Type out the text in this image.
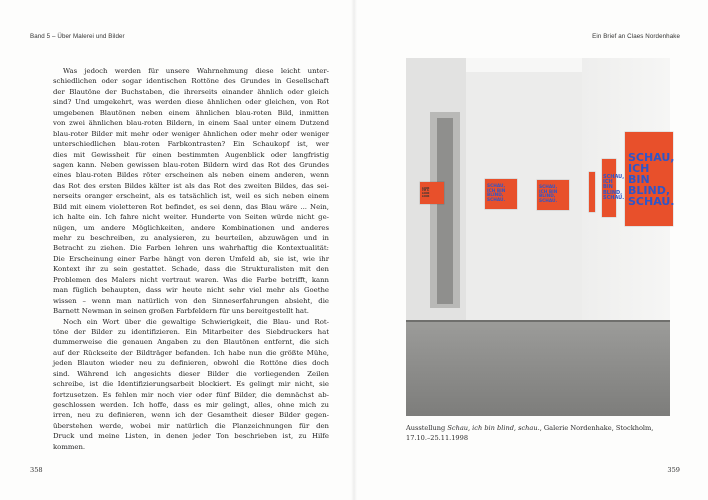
Band 5 – Über Malerei und Bilder	Ein Brief an Claes Nordenhake
Was jedoch werden für unsere Wahrnehmung diese leicht unter-
schiedlichen oder sogar identischen Rottöne des Grundes in Gesellschaft
der Blautöne der Buchstaben, die ihrerseits einander ähnlich oder gleich
sind? Und umgekehrt, was werden diese ähnlichen oder gleichen, von Rot
umgebenen Blautönen neben einem ähnlichen blau-roten Bild, inmitten
von zwei ähnlichen blau-roten Bildern, in einem Saal unter einem Dutzend
blau-roter Bilder mit mehr oder weniger ähnlichen oder mehr oder weniger
unterschiedlichen blau-roten Farbkontrasten? Ein Schaukopf ist, wer
dies mit Gewissheit für einen bestimmten Augenblick oder langfristig
sagen kann. Neben gewissen blau-roten Bildern wird das Rot des Grundes
eines blau-roten Bildes röter erscheinen als neben einem anderen, wenn
das Rot des ersten Bildes kälter ist als das Rot des zweiten Bildes, das sei-
nerseits oranger erscheint, als es tatsächlich ist, weil es sich neben einem
Bild mit einem violetteren Rot befindet, es sei denn, das Blau wäre ... Nein,
ich halte ein. Ich fahre nicht weiter. Hunderte von Seiten würde nicht ge-
nügen, um andere Möglichkeiten, andere Kombinationen und anderes
mehr zu beschreiben, zu analysieren, zu beurteilen, abzuwägen und in
Betracht zu ziehen. Die Farben lehren uns wahrhaftig die Kontextualität:
Die Erscheinung einer Farbe hängt von deren Umfeld ab, sie ist, wie ihr
Kontext ihr zu sein gestattet. Schade, dass die Strukturalisten mit den
Problemen des Malers nicht vertraut waren. Was die Farbe betrifft, kann
man füglich behaupten, dass wir heute nicht sehr viel mehr als Goethe
wissen – wenn man natürlich von den Sinneserfahrungen absieht, die
Barnett Newman in seinen großen Farbfeldern für uns bereitgestellt hat.
Noch ein Wort über die gewaltige Schwierigkeit, die Blau- und Rot-
töne der Bilder zu identifizieren. Ein Mitarbeiter des Siebdruckers hat
dummerweise die genauen Angaben zu den Blautönen entfernt, die sich
auf der Rückseite der Bildträger befanden. Ich habe nun die größte Mühe,
jeden Blauton wieder neu zu definieren, obwohl die Rottöne dies doch
sind. Während ich angesichts dieser Bilder die vorliegenden Zeilen
schreibe, ist die Identifizierungsarbeit blockiert. Es gelingt mir nicht, sie
fortzusetzen. Es fehlen mir noch vier oder fünf Bilder, die demnächst ab-
geschlossen werden. Ich hoffe, dass es mir gelingt, alles, ohne mich zu
irren, neu zu definieren, wenn ich der Gesamtheit dieser Bilder gegen-
überstehen werde, wobei mir natürlich die Planzeichnungen für den
Druck und meine Listen, in denen jeder Ton beschrieben ist, zu Hilfe
kommen.
LOOK
I'M A
LOOK
LOOK
SCHAU,
ICH BIN
BLIND,
SCHAU.
SCHAU,
ICH BIN
BLIND,
SCHAU.
SCHAU,
ICH BIN
BLIND,
SCHAU.
SCHAU,
ICH BIN
BLIND,
SCHAU.
Ausstellung Schau, ich bin blind, schau., Galerie Nordenhake, Stockholm,
17.10.–25.11.1998
358	359
